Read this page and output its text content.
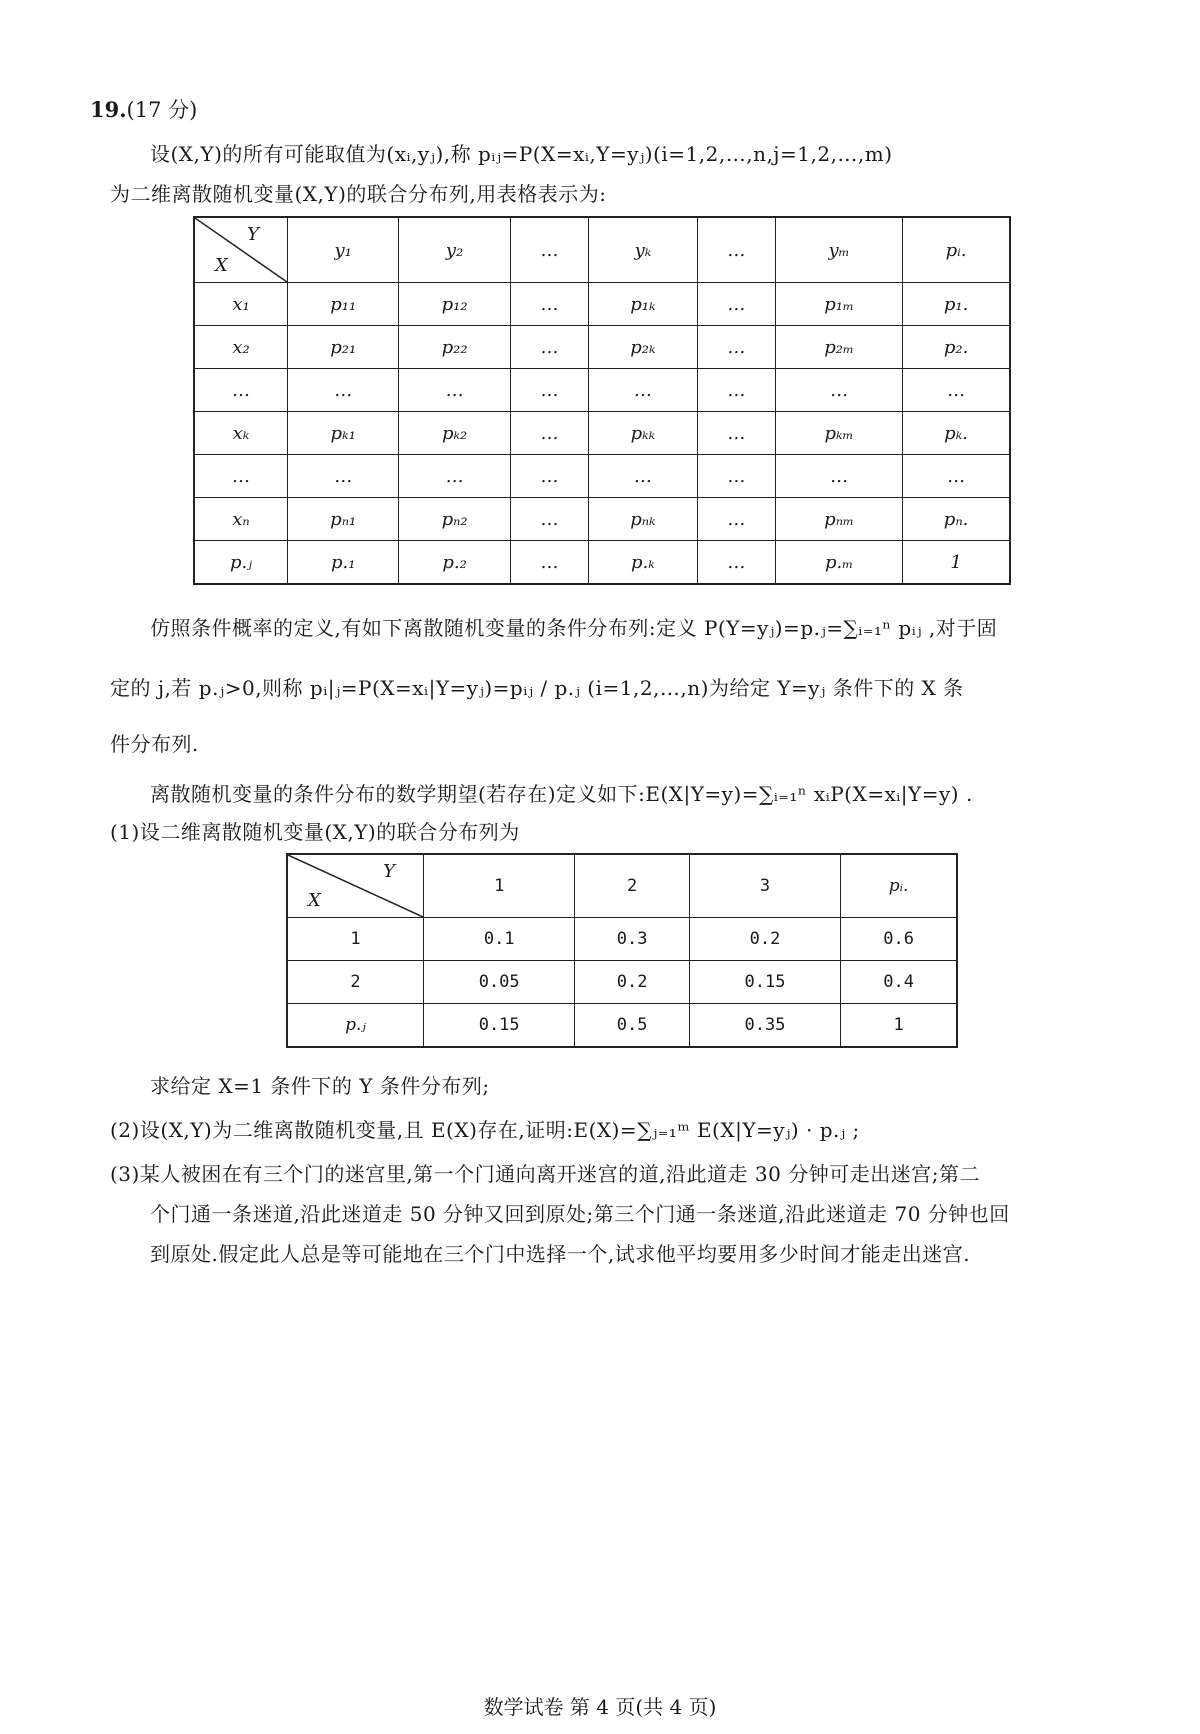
19.(17 分)
设(X,Y)的所有可能取值为(xᵢ,yⱼ),称 pᵢⱼ=P(X=xᵢ,Y=yⱼ)(i=1,2,…,n,j=1,2,…,m)
为二维离散随机变量(X,Y)的联合分布列,用表格表示为:
Y
X	y₁	y₂	…	yₖ	…	yₘ	pᵢ.
x₁	p₁₁	p₁₂	…	p₁ₖ	…	p₁ₘ	p₁.
x₂	p₂₁	p₂₂	…	p₂ₖ	…	p₂ₘ	p₂.
…	…	…	…	…	…	…	…
xₖ	pₖ₁	pₖ₂	…	pₖₖ	…	pₖₘ	pₖ.
…	…	…	…	…	…	…	…
xₙ	pₙ₁	pₙ₂	…	pₙₖ	…	pₙₘ	pₙ.
p.ⱼ	p.₁	p.₂	…	p.ₖ	…	p.ₘ	1
仿照条件概率的定义,有如下离散随机变量的条件分布列:定义 P(Y=yⱼ)=p.ⱼ=∑ᵢ₌₁ⁿ pᵢⱼ ,对于固
定的 j,若 p.ⱼ>0,则称 pᵢ|ⱼ=P(X=xᵢ|Y=yⱼ)=pᵢⱼ / p.ⱼ (i=1,2,…,n)为给定 Y=yⱼ 条件下的 X 条
件分布列.
离散随机变量的条件分布的数学期望(若存在)定义如下:E(X|Y=y)=∑ᵢ₌₁ⁿ xᵢP(X=xᵢ|Y=y) .
(1)设二维离散随机变量(X,Y)的联合分布列为
Y
X	1	2	3	pᵢ.
1	0.1	0.3	0.2	0.6
2	0.05	0.2	0.15	0.4
p.ⱼ	0.15	0.5	0.35	1
求给定 X=1 条件下的 Y 条件分布列;
(2)设(X,Y)为二维离散随机变量,且 E(X)存在,证明:E(X)=∑ⱼ₌₁ᵐ E(X|Y=yⱼ) · p.ⱼ ;
(3)某人被困在有三个门的迷宫里,第一个门通向离开迷宫的道,沿此道走 30 分钟可走出迷宫;第二
个门通一条迷道,沿此迷道走 50 分钟又回到原处;第三个门通一条迷道,沿此迷道走 70 分钟也回
到原处.假定此人总是等可能地在三个门中选择一个,试求他平均要用多少时间才能走出迷宫.
数学试卷 第 4 页(共 4 页)
